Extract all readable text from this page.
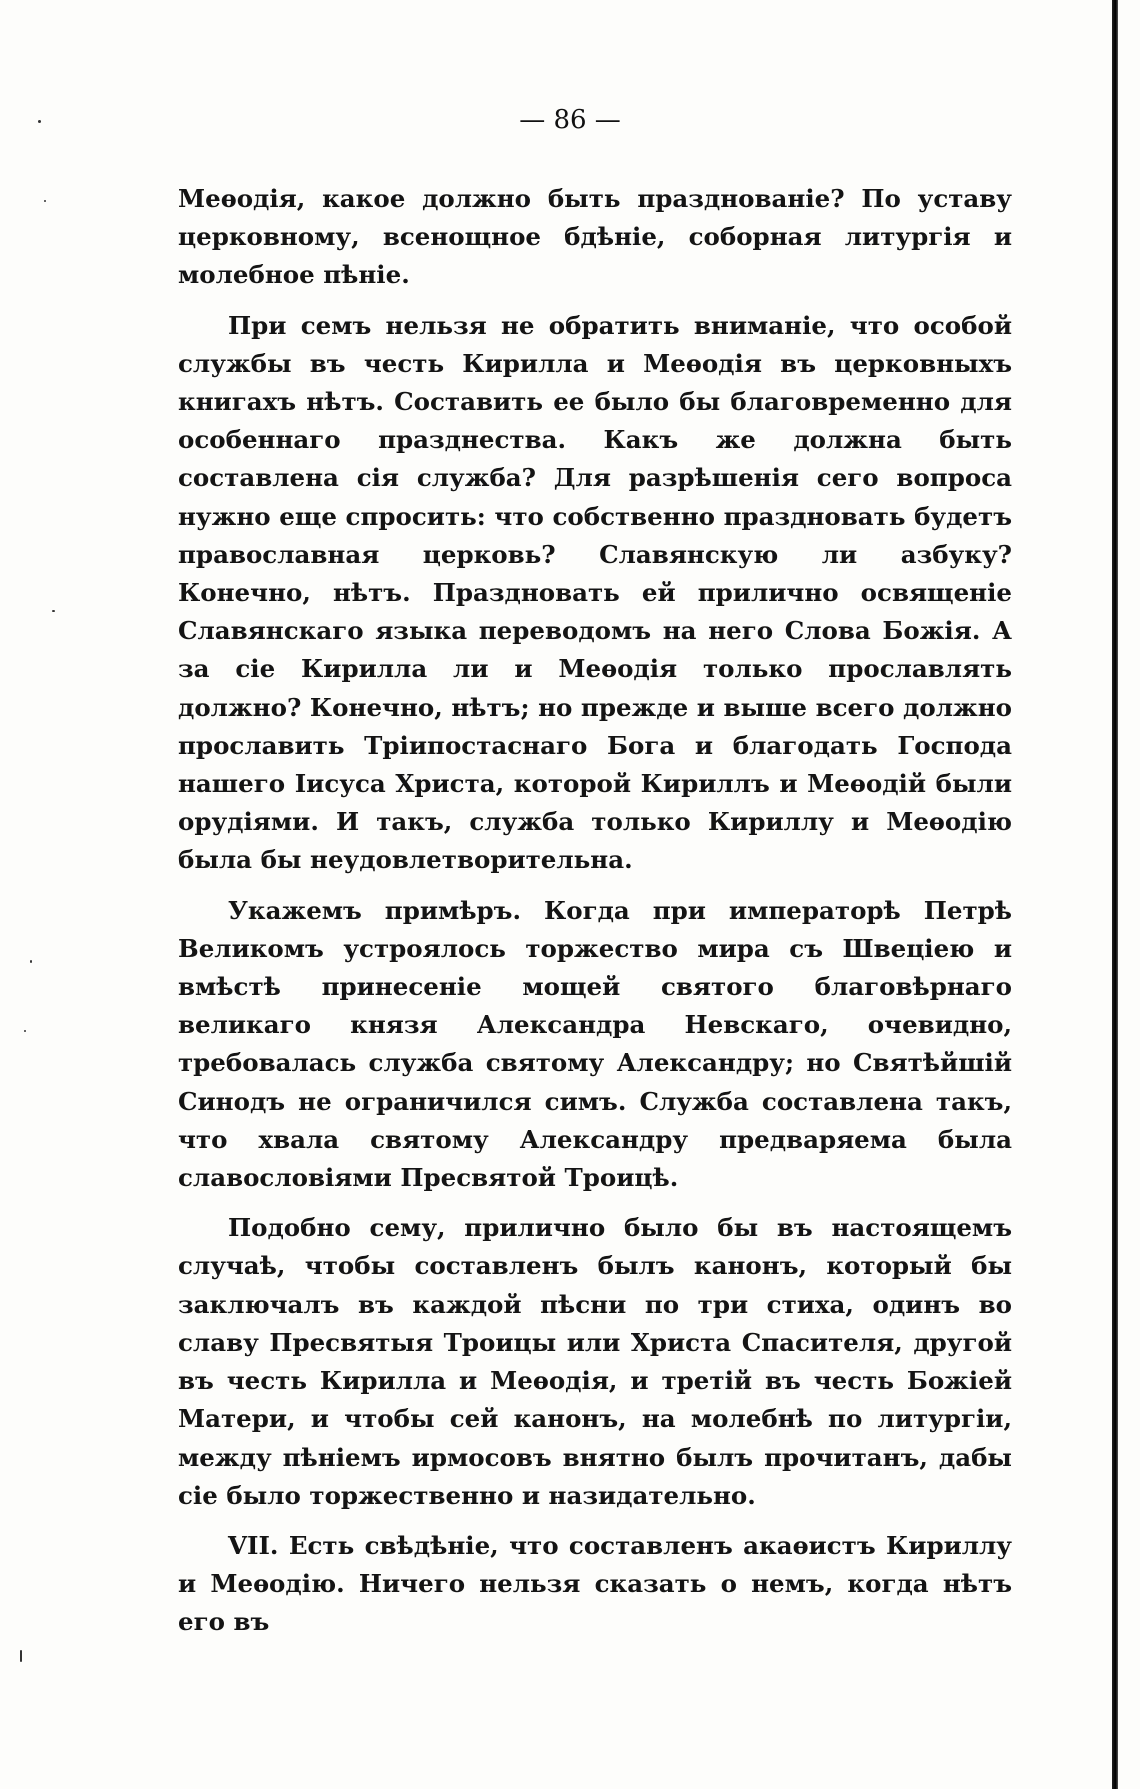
— 86 —

Меѳодія, какое должно быть празднованіе? По уставу церковному, всенощное бдѣніе, соборная литургія и молебное пѣніе.

При семъ нельзя не обратить вниманіе, что особой службы въ честь Кирилла и Меѳодія въ церковныхъ книгахъ нѣтъ. Составить ее было бы благовременно для особеннаго празднества. Какъ же должна быть составлена сія служба? Для разрѣшенія сего вопроса нужно еще спросить: что собственно праздновать будетъ православная церковь? Славянскую ли азбуку? Конечно, нѣтъ. Праздновать ей прилично освященіе Славянскаго языка переводомъ на него Слова Божія. А за сіе Кирилла ли и Меѳодія только прославлять должно? Конечно, нѣтъ; но прежде и выше всего должно прославить Тріипостаснаго Бога и благодать Господа нашего Іисуса Христа, которой Кириллъ и Меѳодій были орудіями. И такъ, служба только Кириллу и Меѳодію была бы неудовлетворительна.

Укажемъ примѣръ. Когда при императорѣ Петрѣ Великомъ устроялось торжество мира съ Швеціею и вмѣстѣ принесеніе мощей святого благовѣрнаго великаго князя Александра Невскаго, очевидно, требовалась служба святому Александру; но Святѣйшій Синодъ не ограничился симъ. Служба составлена такъ, что хвала святому Александру предваряема была славословіями Пресвятой Троицѣ.

Подобно сему, прилично было бы въ настоящемъ случаѣ, чтобы составленъ былъ канонъ, который бы заключалъ въ каждой пѣсни по три стиха, одинъ во славу Пресвятыя Троицы или Христа Спасителя, другой въ честь Кирилла и Меѳодія, и третій въ честь Божіей Матери, и чтобы сей канонъ, на молебнѣ по литургіи, между пѣніемъ ирмосовъ внятно былъ прочитанъ, дабы сіе было торжественно и назидательно.

VII. Есть свѣдѣніе, что составленъ акаѳистъ Кириллу и Меѳодію. Ничего нельзя сказать о немъ, когда нѣтъ его въ
